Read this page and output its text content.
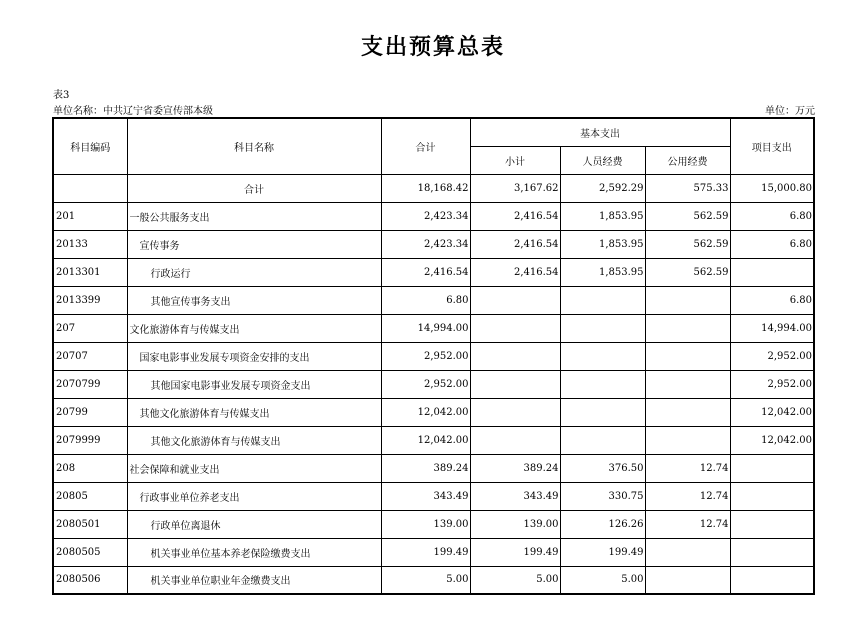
支出预算总表
表3
单位名称：中共辽宁省委宣传部本级	单位：万元
科目编码	科目名称	合计	基本支出			项目支出
			小计	人员经费	公用经费	
	合计	18,168.42	3,167.62	2,592.29	575.33	15,000.80
201	一般公共服务支出	2,423.34	2,416.54	1,853.95	562.59	6.80
20133	宣传事务	2,423.34	2,416.54	1,853.95	562.59	6.80
2013301	行政运行	2,416.54	2,416.54	1,853.95	562.59	
2013399	其他宣传事务支出	6.80				6.80
207	文化旅游体育与传媒支出	14,994.00				14,994.00
20707	国家电影事业发展专项资金安排的支出	2,952.00				2,952.00
2070799	其他国家电影事业发展专项资金支出	2,952.00				2,952.00
20799	其他文化旅游体育与传媒支出	12,042.00				12,042.00
2079999	其他文化旅游体育与传媒支出	12,042.00				12,042.00
208	社会保障和就业支出	389.24	389.24	376.50	12.74	
20805	行政事业单位养老支出	343.49	343.49	330.75	12.74	
2080501	行政单位离退休	139.00	139.00	126.26	12.74	
2080505	机关事业单位基本养老保险缴费支出	199.49	199.49	199.49		
2080506	机关事业单位职业年金缴费支出	5.00	5.00	5.00		
